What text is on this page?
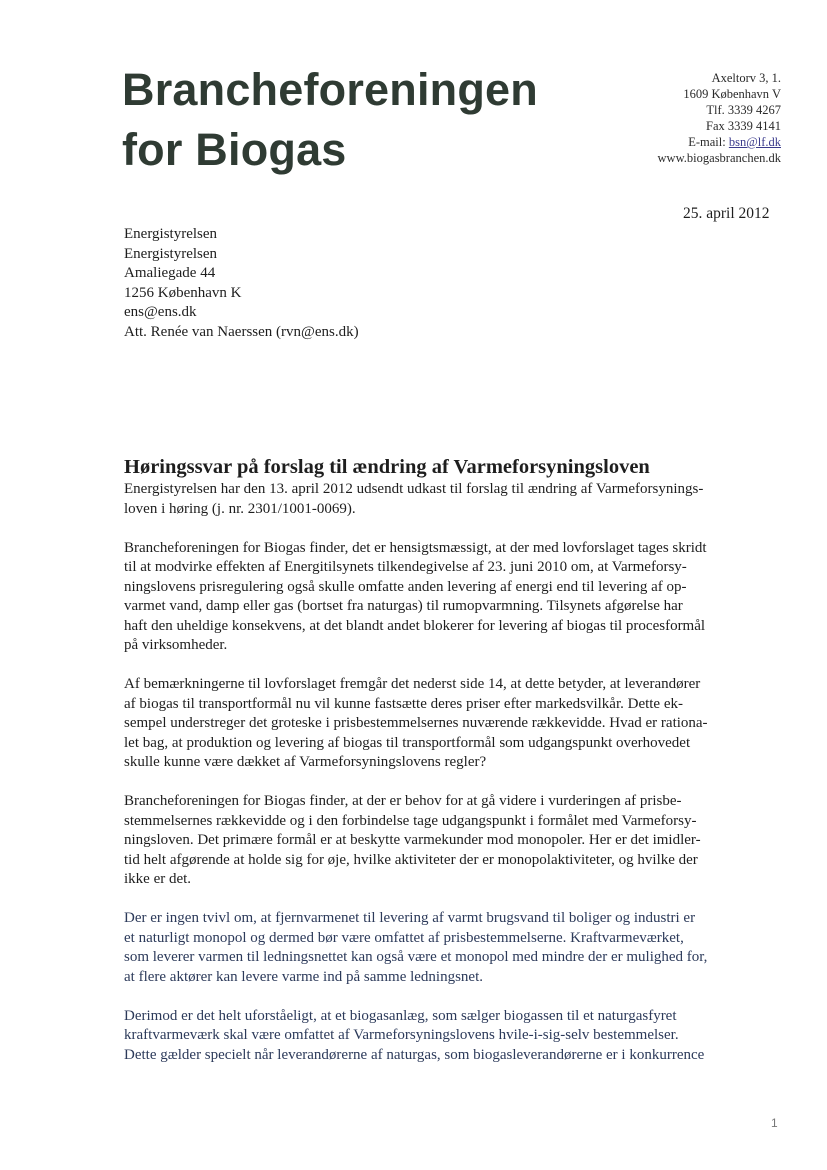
Brancheforeningen
for Biogas
Axeltorv 3, 1.
1609 København V
Tlf. 3339 4267
Fax 3339 4141
E-mail: bsn@lf.dk
www.biogasbranchen.dk
25. april 2012
Energistyrelsen
Energistyrelsen
Amaliegade 44
1256 København K
ens@ens.dk
Att. Renée van Naerssen (rvn@ens.dk)
Høringssvar på forslag til ændring af Varmeforsyningsloven
Energistyrelsen har den 13. april 2012 udsendt udkast til forslag til ændring af Varmeforsynings-
loven i høring (j. nr. 2301/1001-0069).
Brancheforeningen for Biogas finder, det er hensigtsmæssigt, at der med lovforslaget tages skridt
til at modvirke effekten af Energitilsynets tilkendegivelse af 23. juni 2010 om, at Varmeforsy-
ningslovens prisregulering også skulle omfatte anden levering af energi end til levering af op-
varmet vand, damp eller gas (bortset fra naturgas) til rumopvarmning. Tilsynets afgørelse har
haft den uheldige konsekvens, at det blandt andet blokerer for levering af biogas til procesformål
på virksomheder.
Af bemærkningerne til lovforslaget fremgår det nederst side 14, at dette betyder, at leverandører
af biogas til transportformål nu vil kunne fastsætte deres priser efter markedsvilkår. Dette ek-
sempel understreger det groteske i prisbestemmelsernes nuværende rækkevidde. Hvad er rationa-
let bag, at produktion og levering af biogas til transportformål som udgangspunkt overhovedet
skulle kunne være dækket af Varmeforsyningslovens regler?
Brancheforeningen for Biogas finder, at der er behov for at gå videre i vurderingen af prisbe-
stemmelsernes rækkevidde og i den forbindelse tage udgangspunkt i formålet med Varmeforsy-
ningsloven. Det primære formål er at beskytte varmekunder mod monopoler. Her er det imidler-
tid helt afgørende at holde sig for øje, hvilke aktiviteter der er monopolaktiviteter, og hvilke der
ikke er det.
Der er ingen tvivl om, at fjernvarmenet til levering af varmt brugsvand til boliger og industri er
et naturligt monopol og dermed bør være omfattet af prisbestemmelserne. Kraftvarmeværket,
som leverer varmen til ledningsnettet kan også være et monopol med mindre der er mulighed for,
at flere aktører kan levere varme ind på samme ledningsnet.
Derimod er det helt uforståeligt, at et biogasanlæg, som sælger biogassen til et naturgasfyret
kraftvarmeværk skal være omfattet af Varmeforsyningslovens hvile-i-sig-selv bestemmelser.
Dette gælder specielt når leverandørerne af naturgas, som biogasleverandørerne er i konkurrence
1
